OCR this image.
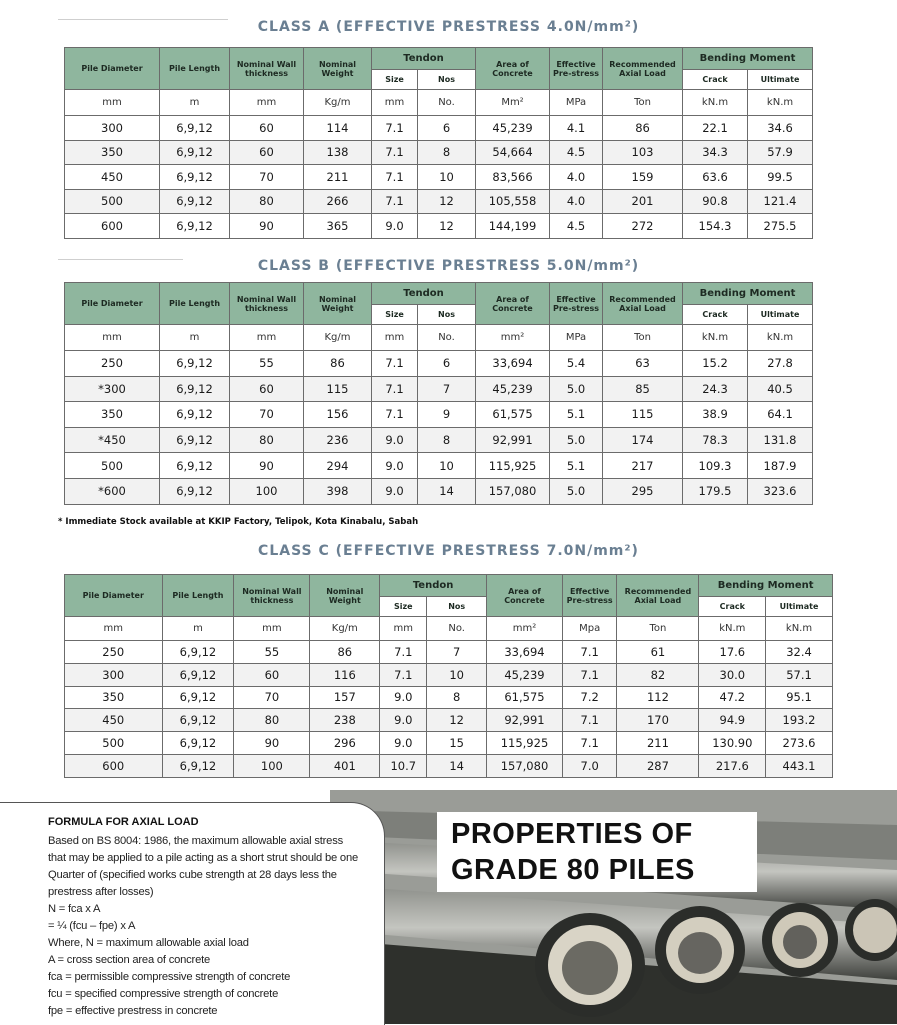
CLASS A (EFFECTIVE PRESTRESS 4.0N/mm²)
Pile Diameter	Pile Length	Nominal Wall thickness	Nominal Weight	Tendon		Area of Concrete	Effective Pre-stress	Recommended Axial Load	Bending Moment	
				Size	Nos				Crack	Ultimate
mm	m	mm	Kg/m	mm	No.	Mm²	MPa	Ton	kN.m	kN.m
300	6,9,12	60	114	7.1	6	45,239	4.1	86	22.1	34.6
350	6,9,12	60	138	7.1	8	54,664	4.5	103	34.3	57.9
450	6,9,12	70	211	7.1	10	83,566	4.0	159	63.6	99.5
500	6,9,12	80	266	7.1	12	105,558	4.0	201	90.8	121.4
600	6,9,12	90	365	9.0	12	144,199	4.5	272	154.3	275.5
CLASS B (EFFECTIVE PRESTRESS 5.0N/mm²)
Pile Diameter	Pile Length	Nominal Wall thickness	Nominal Weight	Tendon		Area of Concrete	Effective Pre-stress	Recommended Axial Load	Bending Moment	
				Size	Nos				Crack	Ultimate
mm	m	mm	Kg/m	mm	No.	mm²	MPa	Ton	kN.m	kN.m
250	6,9,12	55	86	7.1	6	33,694	5.4	63	15.2	27.8
*300	6,9,12	60	115	7.1	7	45,239	5.0	85	24.3	40.5
350	6,9,12	70	156	7.1	9	61,575	5.1	115	38.9	64.1
*450	6,9,12	80	236	9.0	8	92,991	5.0	174	78.3	131.8
500	6,9,12	90	294	9.0	10	115,925	5.1	217	109.3	187.9
*600	6,9,12	100	398	9.0	14	157,080	5.0	295	179.5	323.6
* Immediate Stock available at KKIP Factory, Telipok, Kota Kinabalu, Sabah
CLASS C (EFFECTIVE PRESTRESS 7.0N/mm²)
Pile Diameter	Pile Length	Nominal Wall thickness	Nominal Weight	Tendon		Area of Concrete	Effective Pre-stress	Recommended Axial Load	Bending Moment	
				Size	Nos				Crack	Ultimate
mm	m	mm	Kg/m	mm	No.	mm²	Mpa	Ton	kN.m	kN.m
250	6,9,12	55	86	7.1	7	33,694	7.1	61	17.6	32.4
300	6,9,12	60	116	7.1	10	45,239	7.1	82	30.0	57.1
350	6,9,12	70	157	9.0	8	61,575	7.2	112	47.2	95.1
450	6,9,12	80	238	9.0	12	92,991	7.1	170	94.9	193.2
500	6,9,12	90	296	9.0	15	115,925	7.1	211	130.90	273.6
600	6,9,12	100	401	10.7	14	157,080	7.0	287	217.6	443.1
FORMULA FOR AXIAL LOAD
Based on BS 8004: 1986, the maximum allowable axial stress
that may be applied to a pile acting as a short strut should be one
Quarter of (specified works cube strength at 28 days less the
prestress after losses)
N = fca x A
= ¼ (fcu – fpe) x A
Where, N = maximum allowable axial load
A = cross section area of concrete
fca = permissible compressive strength of concrete
fcu = specified compressive strength of concrete
fpe = effective prestress in concrete
PROPERTIES OF
GRADE 80 PILES
